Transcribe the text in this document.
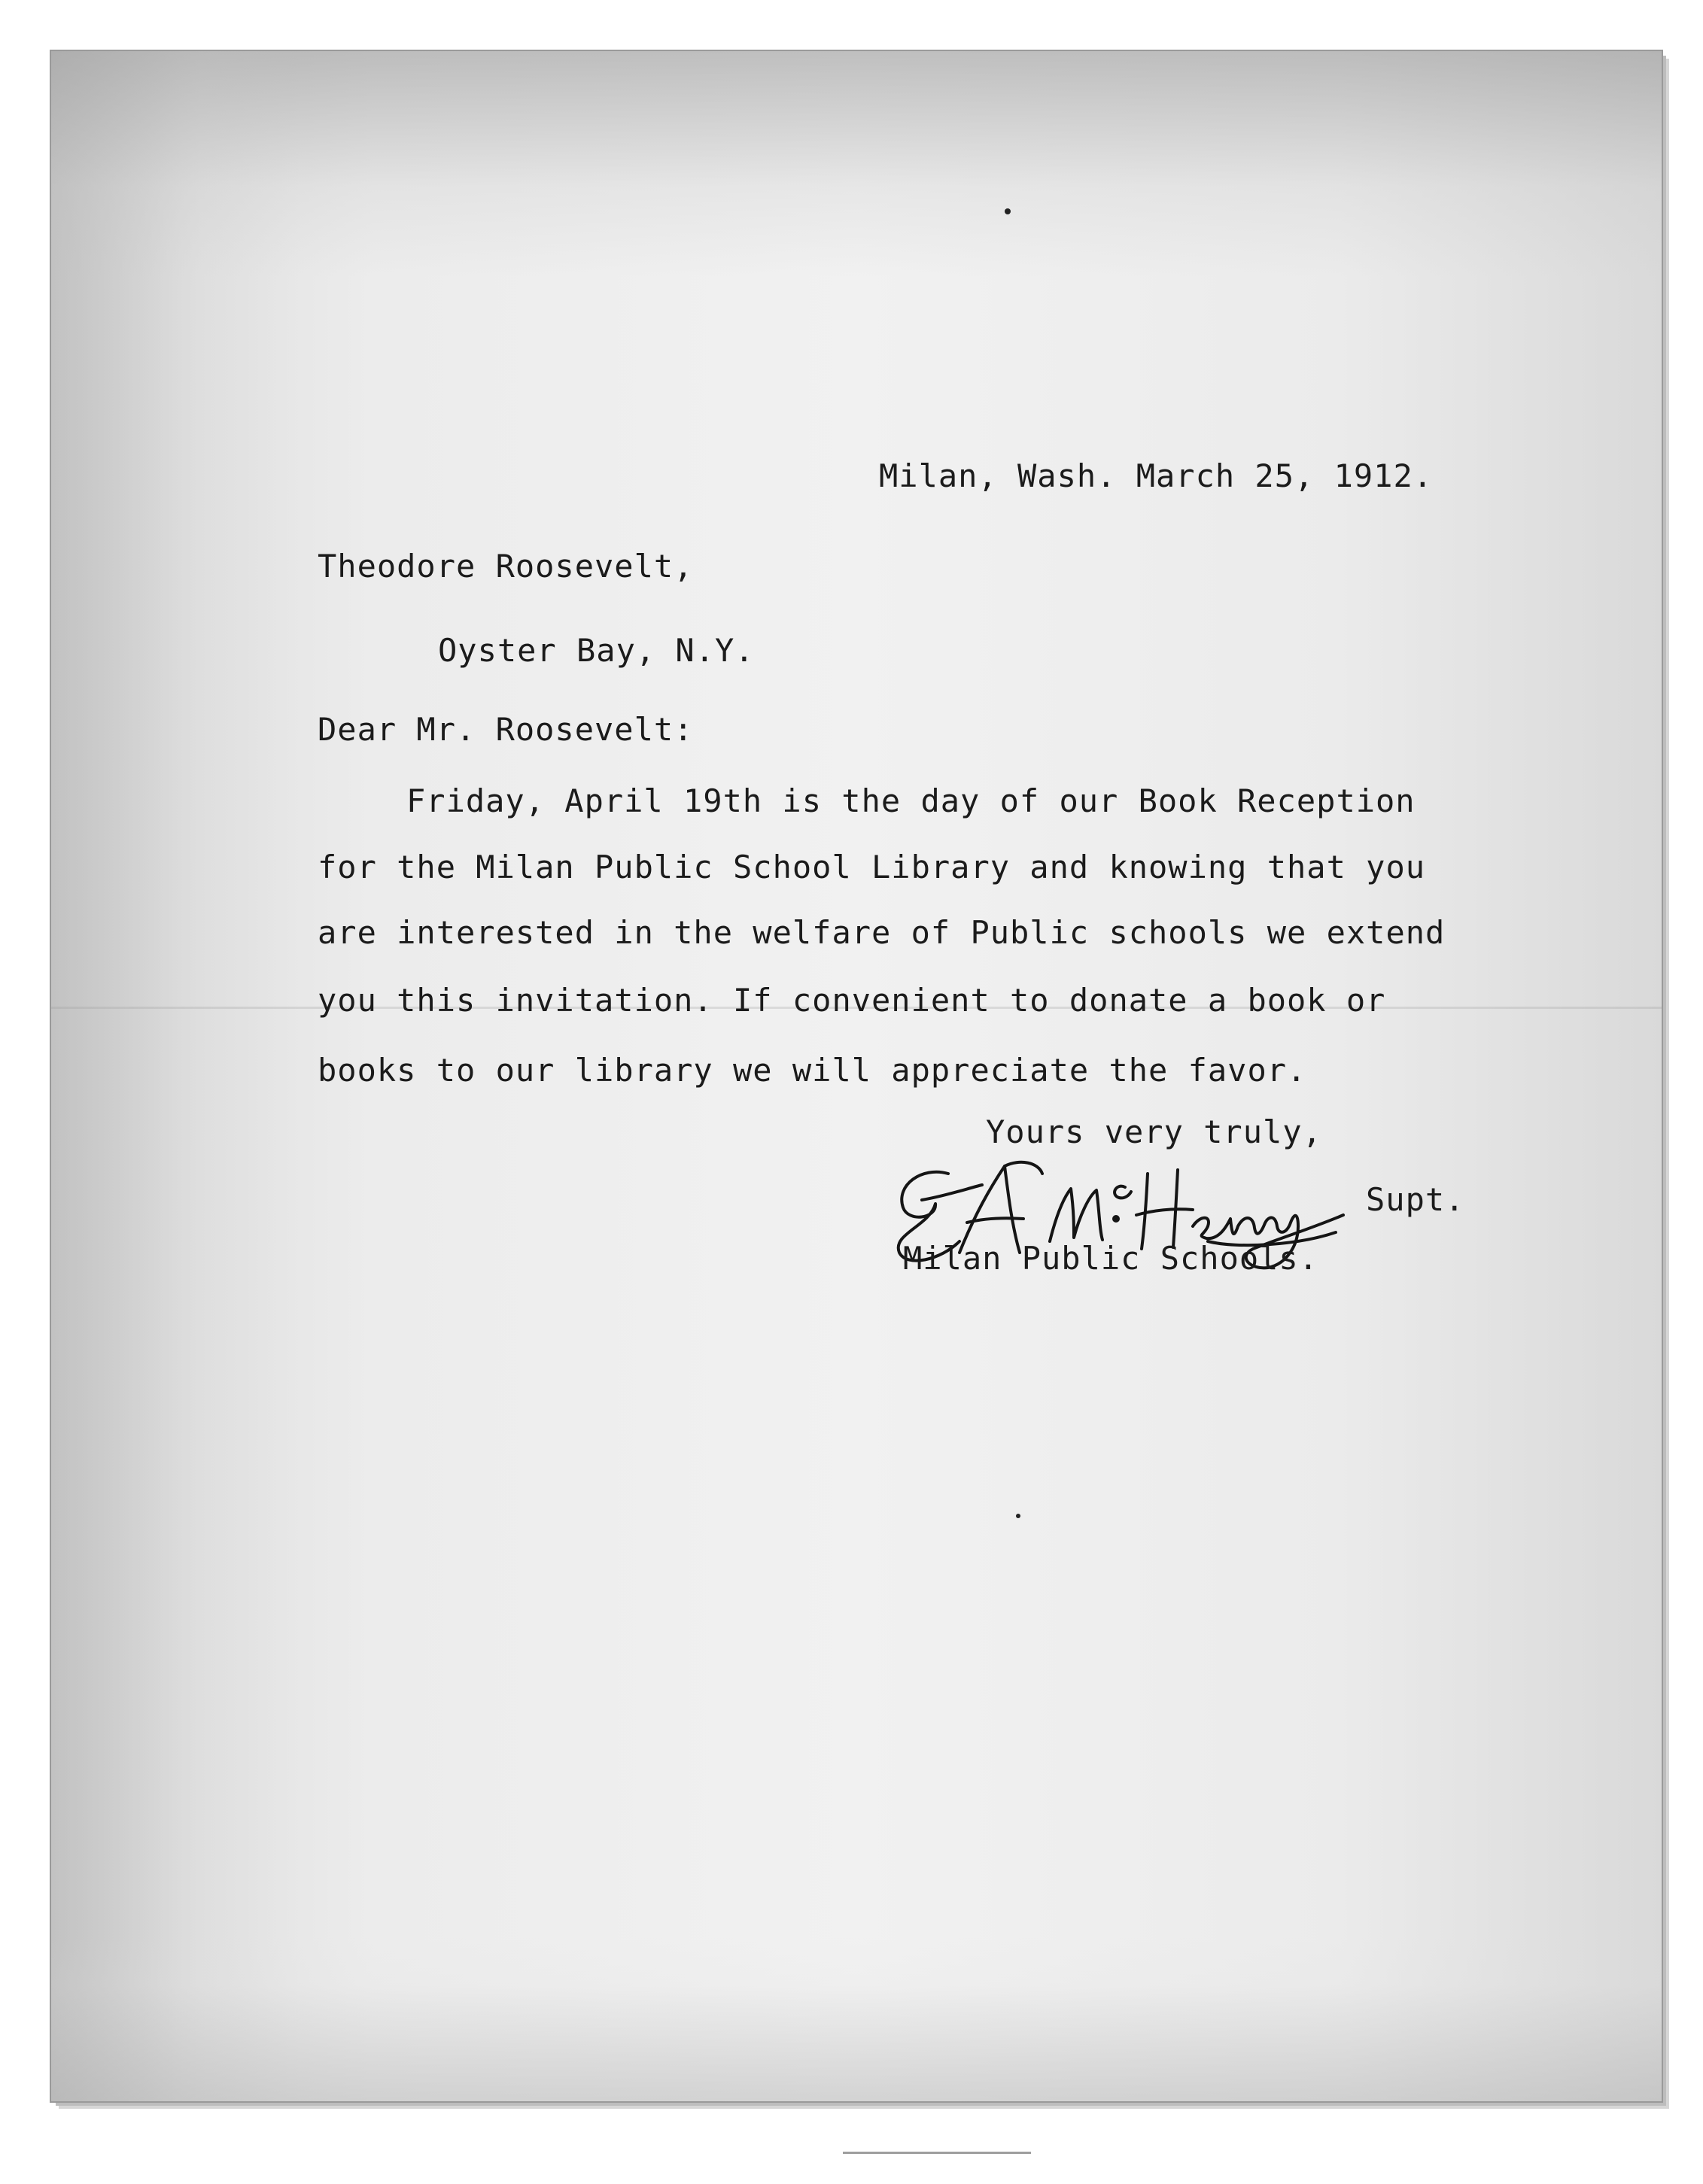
Milan, Wash. March 25, 1912.
Theodore Roosevelt,
Oyster Bay, N.Y.
Dear Mr. Roosevelt:
Friday, April 19th is the day of our Book Reception
for the Milan Public School Library and knowing that you
are interested in the welfare of Public schools we extend
you this invitation. If convenient to donate a book or
books to our library we will appreciate the favor.
Yours very truly,
Supt.
Milan Public Schools.
